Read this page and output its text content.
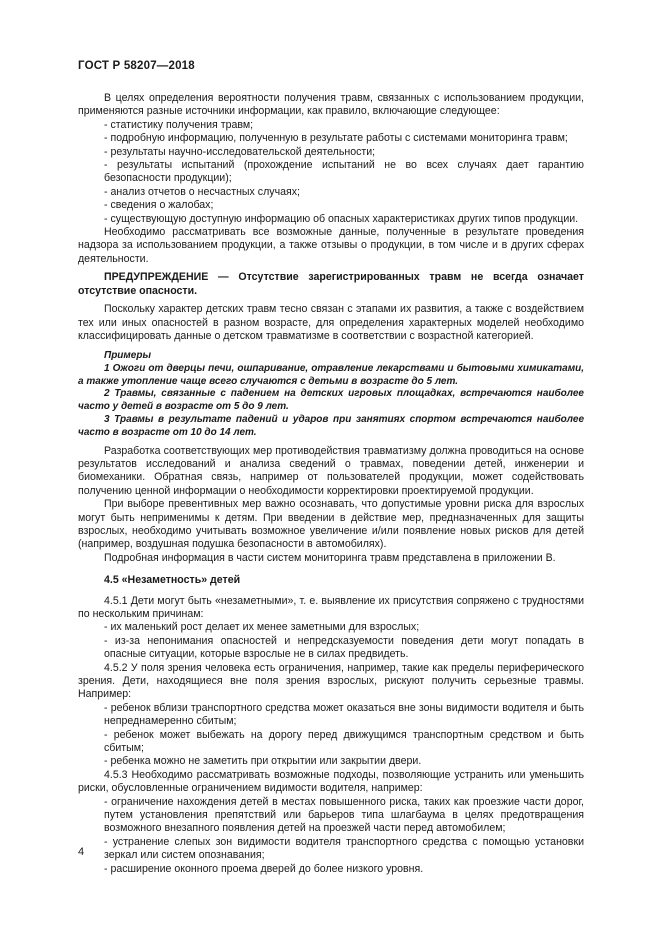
ГОСТ Р 58207—2018

В целях определения вероятности получения травм, связанных с использованием продукции, применяются разные источники информации, как правило, включающие следующее:

- статистику получения травм;

- подробную информацию, полученную в результате работы с системами мониторинга травм;

- результаты научно-исследовательской деятельности;

- результаты испытаний (прохождение испытаний не во всех случаях дает гарантию безопасности продукции);

- анализ отчетов о несчастных случаях;

- сведения о жалобах;

- существующую доступную информацию об опасных характеристиках других типов продукции.

Необходимо рассматривать все возможные данные, полученные в результате проведения надзора за использованием продукции, а также отзывы о продукции, в том числе и в других сферах деятельности.

ПРЕДУПРЕЖДЕНИЕ — Отсутствие зарегистрированных травм не всегда означает отсутствие опасности.

Поскольку характер детских травм тесно связан с этапами их развития, а также с воздействием тех или иных опасностей в разном возрасте, для определения характерных моделей необходимо классифицировать данные о детском травматизме в соответствии с возрастной категорией.

Примеры

1 Ожоги от дверцы печи, ошпаривание, отравление лекарствами и бытовыми химикатами, а также утопление чаще всего случаются с детьми в возрасте до 5 лет.

2 Травмы, связанные с падением на детских игровых площадках, встречаются наиболее часто у детей в возрасте от 5 до 9 лет.

3 Травмы в результате падений и ударов при занятиях спортом встречаются наиболее часто в возрасте от 10 до 14 лет.

Разработка соответствующих мер противодействия травматизму должна проводиться на основе результатов исследований и анализа сведений о травмах, поведении детей, инженерии и биомеханики. Обратная связь, например от пользователей продукции, может содействовать получению ценной информации о необходимости корректировки проектируемой продукции.

При выборе превентивных мер важно осознавать, что допустимые уровни риска для взрослых могут быть неприменимы к детям. При введении в действие мер, предназначенных для защиты взрослых, необходимо учитывать возможное увеличение и/или появление новых рисков для детей (например, воздушная подушка безопасности в автомобилях).

Подробная информация в части систем мониторинга травм представлена в приложении В.

4.5 «Незаметность» детей

4.5.1 Дети могут быть «незаметными», т. е. выявление их присутствия сопряжено с трудностями по нескольким причинам:

- их маленький рост делает их менее заметными для взрослых;

- из-за непонимания опасностей и непредсказуемости поведения дети могут попадать в опасные ситуации, которые взрослые не в силах предвидеть.

4.5.2 У поля зрения человека есть ограничения, например, такие как пределы периферического зрения. Дети, находящиеся вне поля зрения взрослых, рискуют получить серьезные травмы. Например:

- ребенок вблизи транспортного средства может оказаться вне зоны видимости водителя и быть непреднамеренно сбитым;

- ребенок может выбежать на дорогу перед движущимся транспортным средством и быть сбитым;

- ребенка можно не заметить при открытии или закрытии двери.

4.5.3 Необходимо рассматривать возможные подходы, позволяющие устранить или уменьшить риски, обусловленные ограничением видимости водителя, например:

- ограничение нахождения детей в местах повышенного риска, таких как проезжие части дорог, путем установления препятствий или барьеров типа шлагбаума в целях предотвращения возможного внезапного появления детей на проезжей части перед автомобилем;

- устранение слепых зон видимости водителя транспортного средства с помощью установки зеркал или систем опознавания;

- расширение оконного проема дверей до более низкого уровня.

4
